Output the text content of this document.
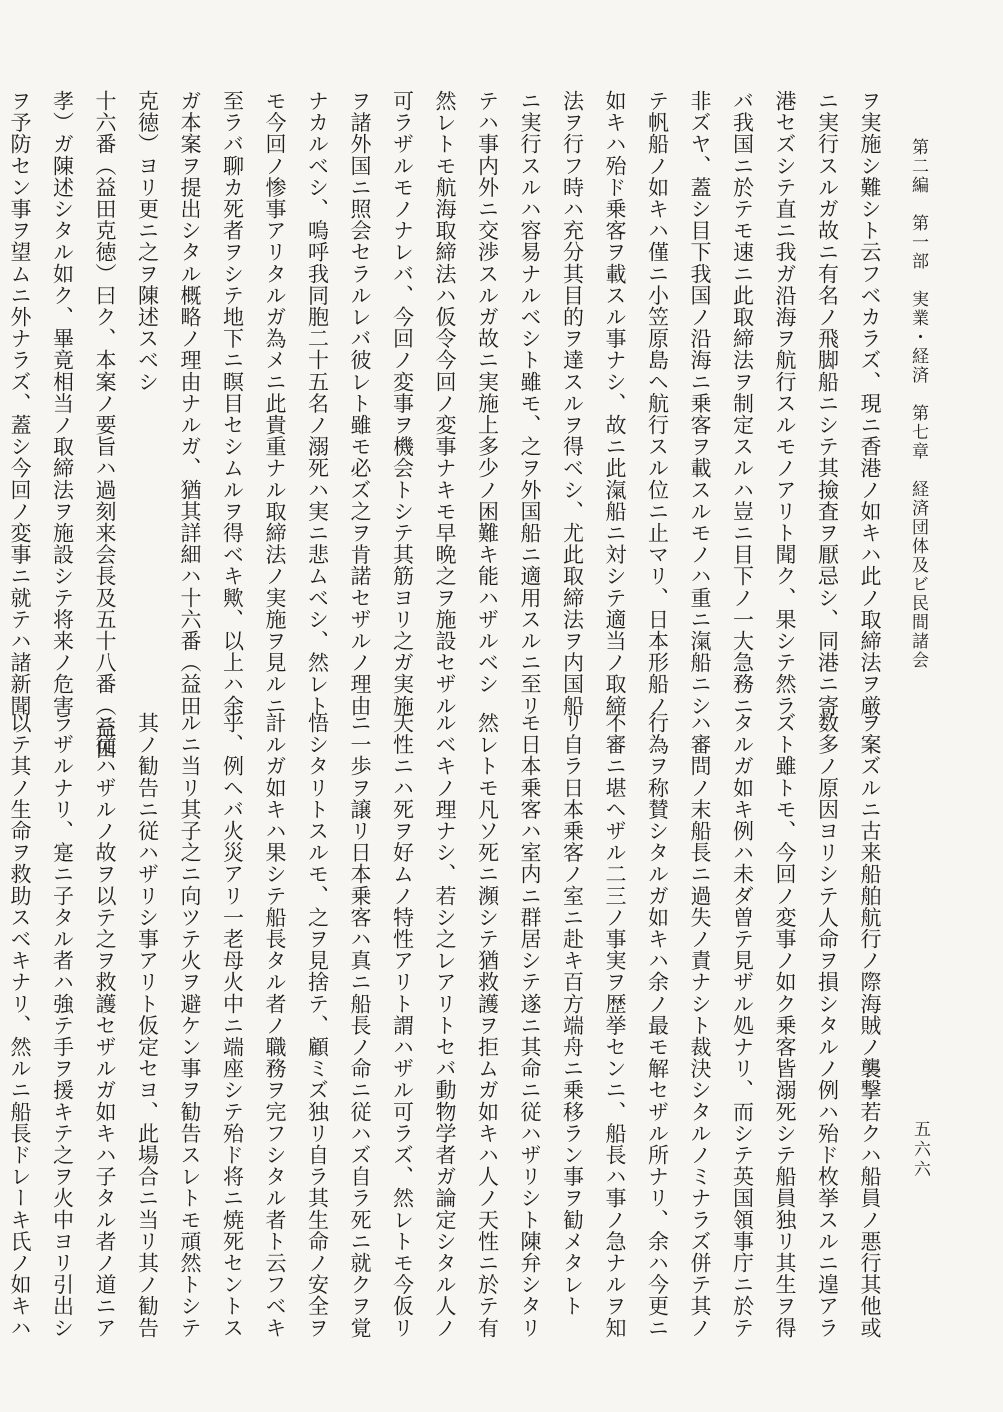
第二編　第一部　実業・経済　第七章　経済団体及ビ民間諸会
五六六
ヲ実施シ難シト云フベカラズ、現ニ香港ノ如キハ此ノ取締法ヲ厳
ニ実行スルガ故ニ有名ノ飛脚船ニシテ其撿査ヲ厭忌シ、同港ニ寄
港セズシテ直ニ我ガ沿海ヲ航行スルモノアリト聞ク、果シテ然ラ
バ我国ニ於テモ速ニ此取締法ヲ制定スルハ豈ニ目下ノ一大急務ニ
非ズヤ、蓋シ目下我国ノ沿海ニ乗客ヲ載スルモノハ重ニ滊船ニシ
テ帆船ノ如キハ僅ニ小笠原島ヘ航行スル位ニ止マリ、日本形船ノ
如キハ殆ド乗客ヲ載スル事ナシ、故ニ此滊船ニ対シテ適当ノ取締
法ヲ行フ時ハ充分其目的ヲ達スルヲ得ベシ、尤此取締法ヲ内国船
ニ実行スルハ容易ナルベシト雖モ、之ヲ外国船ニ適用スルニ至リ
テハ事内外ニ交渉スルガ故ニ実施上多少ノ困難キ能ハザルベシ
然レトモ航海取締法ハ仮令今回ノ変事ナキモ早晩之ヲ施設セザル
可ラザルモノナレバ、今回ノ変事ヲ機会トシテ其筋ヨリ之ガ実施
ヲ諸外国ニ照会セラルレバ彼レト雖モ必ズ之ヲ肯諾セザルノ理由
ナカルベシ、嗚呼我同胞二十五名ノ溺死ハ実ニ悲ムベシ、然レト
モ今回ノ惨事アリタルガ為メニ此貴重ナル取締法ノ実施ヲ見ルニ
至ラバ聊カ死者ヲシテ地下ニ瞑目セシムルヲ得ベキ歟、以上ハ余
ガ本案ヲ提出シタル概略ノ理由ナルガ、猶其詳細ハ十六番（益田
克徳）ヨリ更ニ之ヲ陳述スベシ
十六番（益田克徳）曰ク、本案ノ要旨ハ過刻来会長及五十八番（益田
孝）ガ陳述シタル如ク、畢竟相当ノ取締法ヲ施設シテ将来ノ危害
ヲ予防セン事ヲ望ムニ外ナラズ、蓋シ今回ノ変事ニ就テハ諸新聞
ヲ案ズルニ古来船舶航行ノ際海賊ノ襲撃若クハ船員ノ悪行其他或
数多ノ原因ヨリシテ人命ヲ損シタルノ例ハ殆ド枚挙スルニ遑アラ
ズト雖トモ、今回ノ変事ノ如ク乗客皆溺死シテ船員独リ其生ヲ得
タルガ如キ例ハ未ダ曽テ見ザル処ナリ、而シテ英国領事庁ニ於テ
ハ審問ノ末船長ニ過失ノ責ナシト裁決シタルノミナラズ併テ其ノ
行為ヲ称賛シタルガ如キハ余ノ最モ解セザル所ナリ、余ハ今更ニ
不審ニ堪ヘザル二三ノ事実ヲ歴挙センニ、船長ハ事ノ急ナルヲ知
リ自ラ日本乗客ノ室ニ赴キ百方端舟ニ乗移ラン事ヲ勧メタレト
モ日本乗客ハ室内ニ群居シテ遂ニ其命ニ従ハザリシト陳弁シタリ
然レトモ凡ソ死ニ瀕シテ猶救護ヲ拒ムガ如キハ人ノ天性ニ於テ有
ルベキノ理ナシ、若シ之レアリトセバ動物学者ガ論定シタル人ノ
天性ニハ死ヲ好ムノ特性アリト謂ハザル可ラズ、然レトモ今仮リ
ニ一歩ヲ譲リ日本乗客ハ真ニ船長ノ命ニ従ハズ自ラ死ニ就クヲ覚
悟シタリトスルモ、之ヲ見捨テ、顧ミズ独リ自ラ其生命ノ安全ヲ
計ルガ如キハ果シテ船長タル者ノ職務ヲ完フシタル者ト云フベキ
乎、例ヘバ火災アリ一老母火中ニ端座シテ殆ド将ニ焼死セントス
ルニ当リ其子之ニ向ツテ火ヲ避ケン事ヲ勧告スレトモ頑然トシテ
其ノ勧告ニ従ハザリシ事アリト仮定セヨ、此場合ニ当リ其ノ勧告
ニ従ハザルノ故ヲ以テ之ヲ救護セザルガ如キハ子タル者ノ道ニア
ラザルナリ、寔ニ子タル者ハ強テ手ヲ援キテ之ヲ火中ヨリ引出シ
以テ其ノ生命ヲ救助スベキナリ、然ルニ船長ドレーキ氏ノ如キハ
